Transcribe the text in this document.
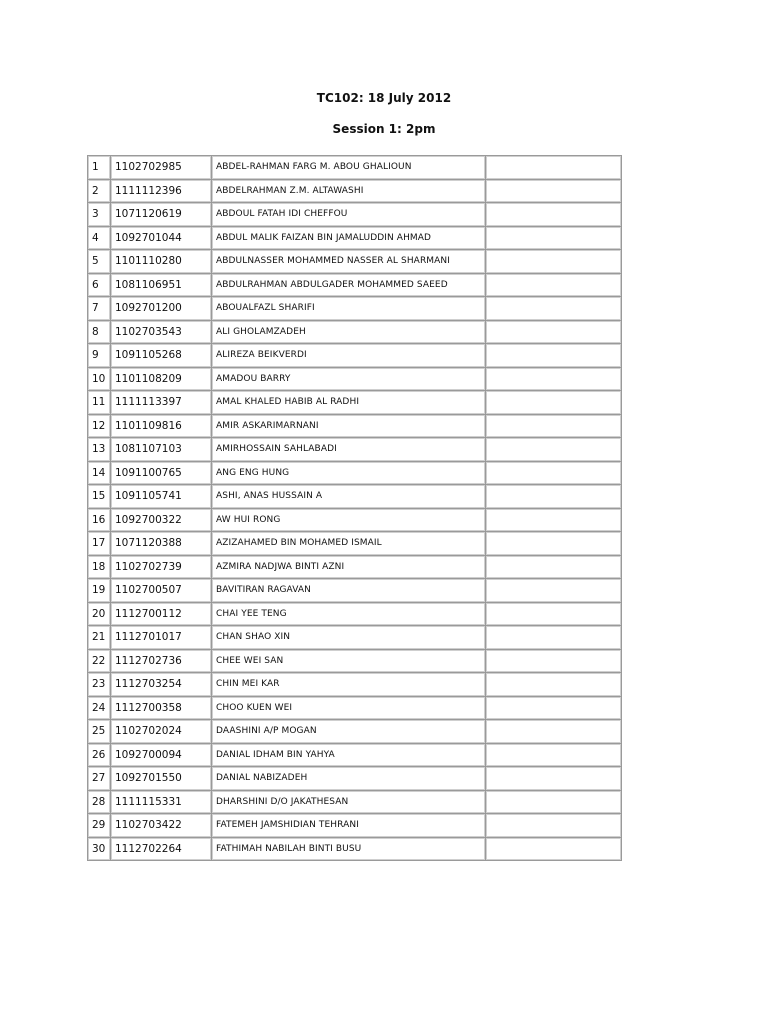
TC102: 18 July 2012
Session 1: 2pm
1	1102702985	ABDEL-RAHMAN FARG M. ABOU GHALIOUN	
2	1111112396	ABDELRAHMAN Z.M. ALTAWASHI	
3	1071120619	ABDOUL FATAH IDI CHEFFOU	
4	1092701044	ABDUL MALIK FAIZAN BIN JAMALUDDIN AHMAD	
5	1101110280	ABDULNASSER MOHAMMED NASSER AL SHARMANI	
6	1081106951	ABDULRAHMAN ABDULGADER MOHAMMED SAEED	
7	1092701200	ABOUALFAZL SHARIFI	
8	1102703543	ALI GHOLAMZADEH	
9	1091105268	ALIREZA BEIKVERDI	
10	1101108209	AMADOU BARRY	
11	1111113397	AMAL KHALED HABIB AL RADHI	
12	1101109816	AMIR ASKARIMARNANI	
13	1081107103	AMIRHOSSAIN SAHLABADI	
14	1091100765	ANG ENG HUNG	
15	1091105741	ASHI, ANAS HUSSAIN A	
16	1092700322	AW HUI RONG	
17	1071120388	AZIZAHAMED BIN MOHAMED ISMAIL	
18	1102702739	AZMIRA NADJWA BINTI AZNI	
19	1102700507	BAVITIRAN RAGAVAN	
20	1112700112	CHAI YEE TENG	
21	1112701017	CHAN SHAO XIN	
22	1112702736	CHEE WEI SAN	
23	1112703254	CHIN MEI KAR	
24	1112700358	CHOO KUEN WEI	
25	1102702024	DAASHINI A/P MOGAN	
26	1092700094	DANIAL IDHAM BIN YAHYA	
27	1092701550	DANIAL NABIZADEH	
28	1111115331	DHARSHINI D/O JAKATHESAN	
29	1102703422	FATEMEH JAMSHIDIAN TEHRANI	
30	1112702264	FATHIMAH NABILAH BINTI BUSU	
